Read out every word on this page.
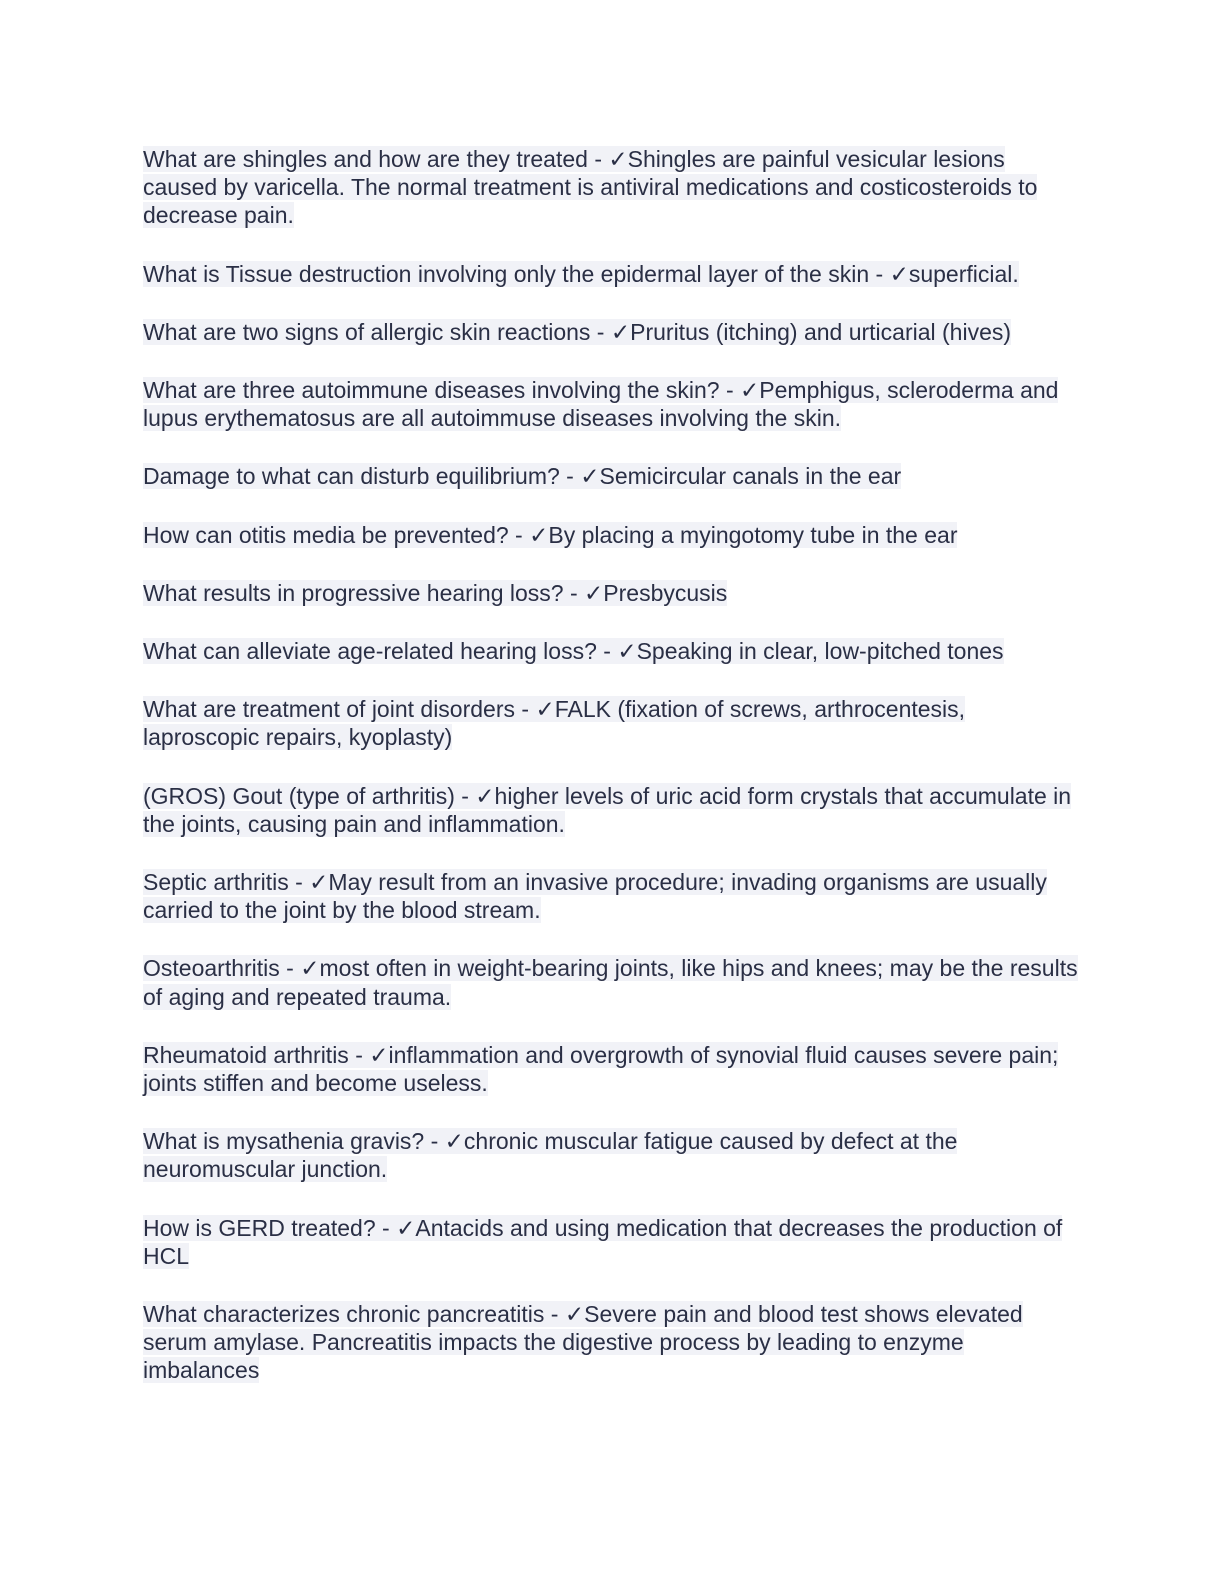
What are shingles and how are they treated - ✓Shingles are painful vesicular lesions caused by varicella. The normal treatment is antiviral medications and costicosteroids to decrease pain.

What is Tissue destruction involving only the epidermal layer of the skin - ✓superficial.

What are two signs of allergic skin reactions - ✓Pruritus (itching) and urticarial (hives)

What are three autoimmune diseases involving the skin? - ✓Pemphigus, scleroderma and lupus erythematosus are all autoimmuse diseases involving the skin.

Damage to what can disturb equilibrium? - ✓Semicircular canals in the ear

How can otitis media be prevented? - ✓By placing a myingotomy tube in the ear

What results in progressive hearing loss? - ✓Presbycusis

What can alleviate age-related hearing loss? - ✓Speaking in clear, low-pitched tones

What are treatment of joint disorders - ✓FALK (fixation of screws, arthrocentesis, laproscopic repairs, kyoplasty)

(GROS) Gout (type of arthritis) - ✓higher levels of uric acid form crystals that accumulate in the joints, causing pain and inflammation.

Septic arthritis - ✓May result from an invasive procedure; invading organisms are usually carried to the joint by the blood stream.

Osteoarthritis - ✓most often in weight-bearing joints, like hips and knees; may be the results of aging and repeated trauma.

Rheumatoid arthritis - ✓inflammation and overgrowth of synovial fluid causes severe pain; joints stiffen and become useless.

What is mysathenia gravis? - ✓chronic muscular fatigue caused by defect at the neuromuscular junction.

How is GERD treated? - ✓Antacids and using medication that decreases the production of HCL

What characterizes chronic pancreatitis - ✓Severe pain and blood test shows elevated serum amylase. Pancreatitis impacts the digestive process by leading to enzyme imbalances
